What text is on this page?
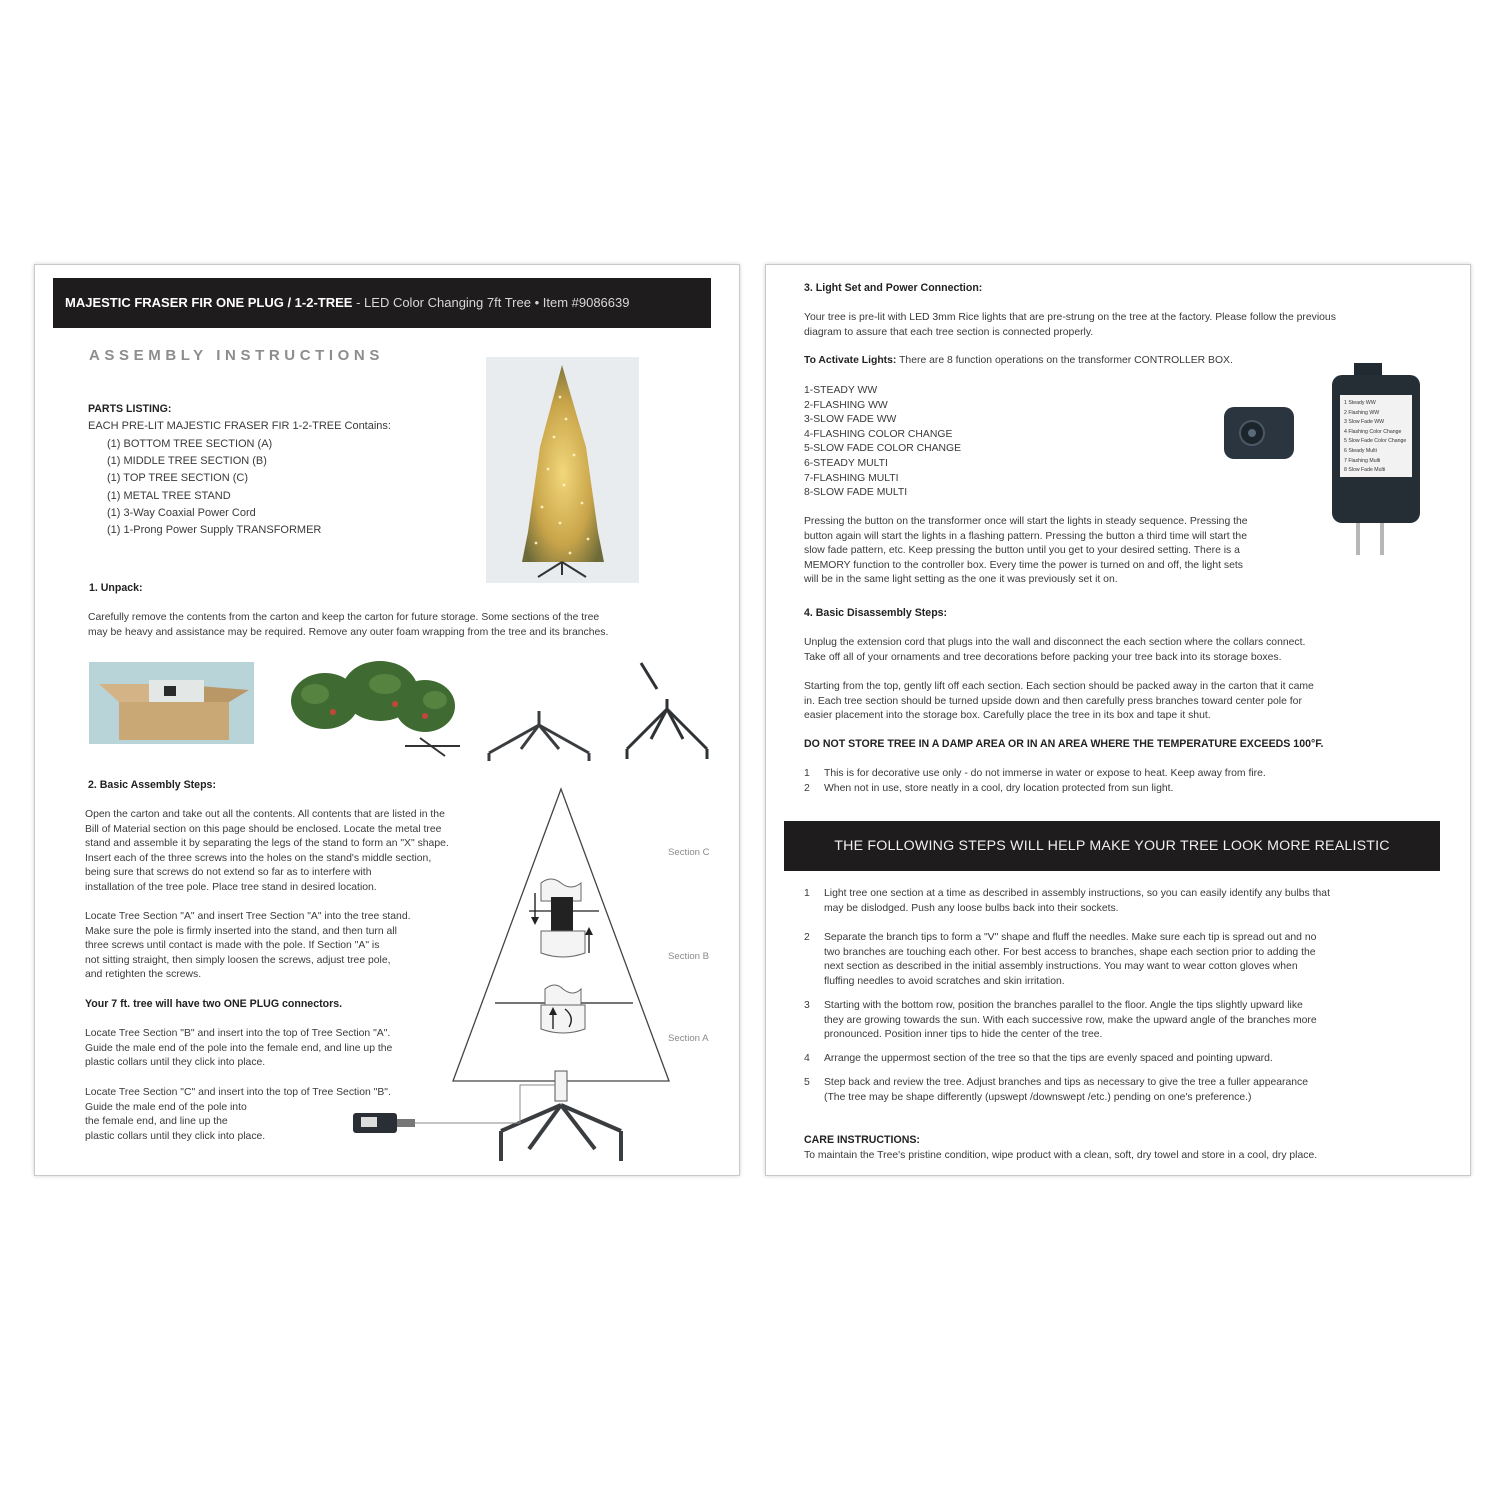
MAJESTIC FRASER FIR ONE PLUG / 1-2-TREE - LED Color Changing 7ft Tree • Item #9086639
ASSEMBLY INSTRUCTIONS
PARTS LISTING:
EACH PRE-LIT MAJESTIC FRASER FIR 1-2-TREE Contains:
(1) BOTTOM TREE SECTION (A)
(1) MIDDLE TREE SECTION (B)
(1) TOP TREE SECTION (C)
(1) METAL TREE STAND
(1) 3-Way Coaxial Power Cord
(1) 1-Prong Power Supply TRANSFORMER
1. Unpack:
Carefully remove the contents from the carton and keep the carton for future storage. Some sections of the tree
may be heavy and assistance may be required. Remove any outer foam wrapping from the tree and its branches.
2. Basic Assembly Steps:
Open the carton and take out all the contents. All contents that are listed in the
Bill of Material section on this page should be enclosed. Locate the metal tree
stand and assemble it by separating the legs of the stand to form an "X" shape.
Insert each of the three screws into the holes on the stand's middle section,
being sure that screws do not extend so far as to interfere with
installation of the tree pole. Place tree stand in desired location.
Locate Tree Section "A" and insert Tree Section "A" into the tree stand.
Make sure the pole is firmly inserted into the stand, and then turn all
three screws until contact is made with the pole. If Section "A" is
not sitting straight, then simply loosen the screws, adjust tree pole,
and retighten the screws.
Your 7 ft. tree will have two ONE PLUG connectors.
Locate Tree Section "B" and insert into the top of Tree Section "A".
Guide the male end of the pole into the female end, and line up the
plastic collars until they click into place.
Locate Tree Section "C" and insert into the top of Tree Section "B".
Guide the male end of the pole into
the female end, and line up the
plastic collars until they click into place.
Section C
Section B
Section A
3. Light Set and Power Connection:
Your tree is pre-lit with LED 3mm Rice lights that are pre-strung on the tree at the factory. Please follow the previous
diagram to assure that each tree section is connected properly.
To Activate Lights: There are 8 function operations on the transformer CONTROLLER BOX.
1-STEADY WW
2-FLASHING WW
3-SLOW FADE WW
4-FLASHING COLOR CHANGE
5-SLOW FADE COLOR CHANGE
6-STEADY MULTI
7-FLASHING MULTI
8-SLOW FADE MULTI
1 Steady WW
2 Flashing WW
3 Slow Fade WW
4 Flashing Color Change
5 Slow Fade Color Change
6 Steady Multi
7 Flashing Multi
8 Slow Fade Multi
Pressing the button on the transformer once will start the lights in steady sequence. Pressing the
button again will start the lights in a flashing pattern. Pressing the button a third time will start the
slow fade pattern, etc. Keep pressing the button until you get to your desired setting. There is a
MEMORY function to the controller box. Every time the power is turned on and off, the light sets
will be in the same light setting as the one it was previously set it on.
4. Basic Disassembly Steps:
Unplug the extension cord that plugs into the wall and disconnect the each section where the collars connect.
Take off all of your ornaments and tree decorations before packing your tree back into its storage boxes.
Starting from the top, gently lift off each section. Each section should be packed away in the carton that it came
in. Each tree section should be turned upside down and then carefully press branches toward center pole for
easier placement into the storage box. Carefully place the tree in its box and tape it shut.
DO NOT STORE TREE IN A DAMP AREA OR IN AN AREA WHERE THE TEMPERATURE EXCEEDS 100°F.
1 This is for decorative use only - do not immerse in water or expose to heat. Keep away from fire.
2 When not in use, store neatly in a cool, dry location protected from sun light.
THE FOLLOWING STEPS WILL HELP MAKE YOUR TREE LOOK MORE REALISTIC
1 Light tree one section at a time as described in assembly instructions, so you can easily identify any bulbs that
may be dislodged. Push any loose bulbs back into their sockets.
2 Separate the branch tips to form a "V" shape and fluff the needles. Make sure each tip is spread out and no
two branches are touching each other. For best access to branches, shape each section prior to adding the
next section as described in the initial assembly instructions. You may want to wear cotton gloves when
fluffing needles to avoid scratches and skin irritation.
3 Starting with the bottom row, position the branches parallel to the floor. Angle the tips slightly upward like
they are growing towards the sun. With each successive row, make the upward angle of the branches more
pronounced. Position inner tips to hide the center of the tree.
4 Arrange the uppermost section of the tree so that the tips are evenly spaced and pointing upward.
5 Step back and review the tree. Adjust branches and tips as necessary to give the tree a fuller appearance
(The tree may be shape differently (upswept /downswept /etc.) pending on one's preference.)
CARE INSTRUCTIONS:
To maintain the Tree's pristine condition, wipe product with a clean, soft, dry towel and store in a cool, dry place.
